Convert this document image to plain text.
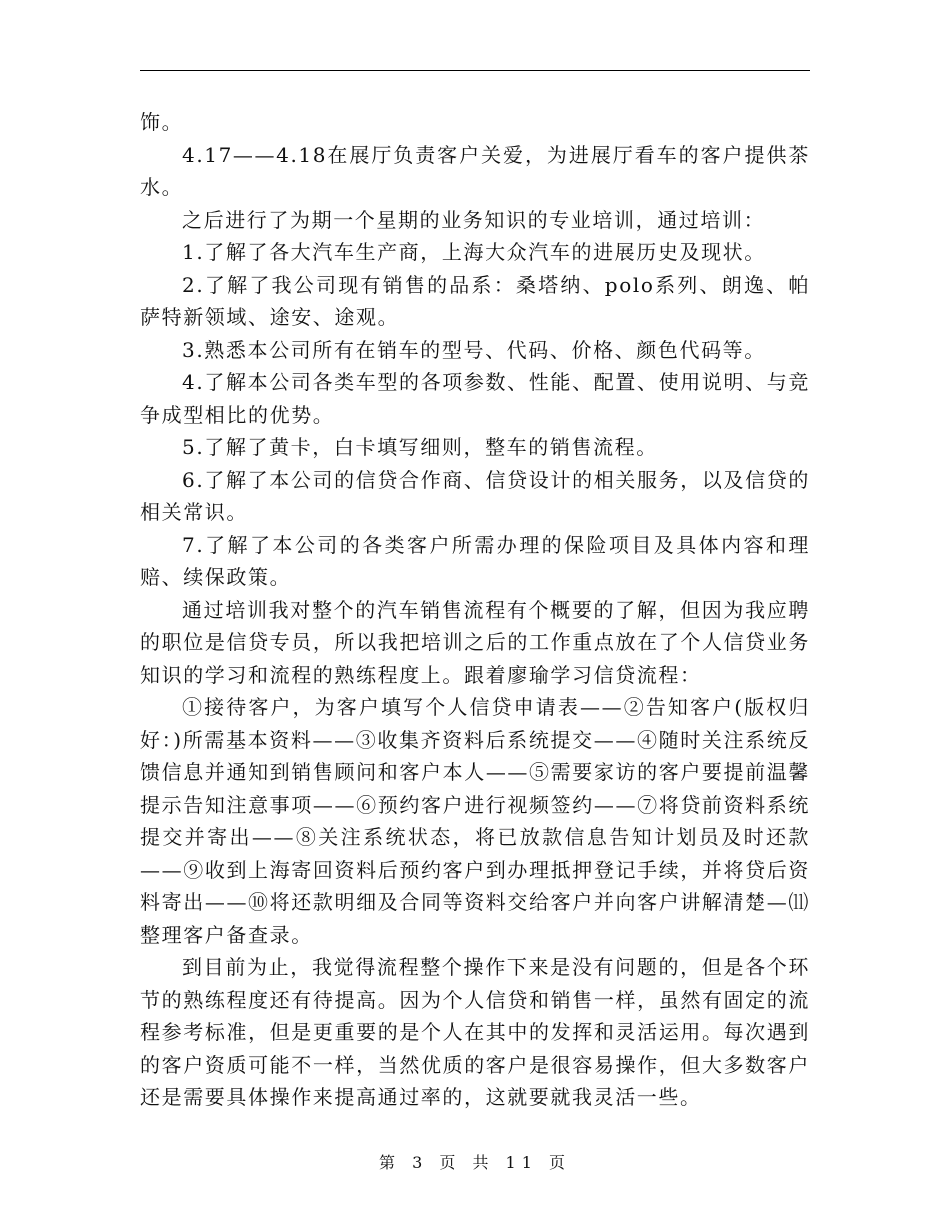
饰。

4.17——4.18在展厅负责客户关爱，为进展厅看车的客户提供茶水。

之后进行了为期一个星期的业务知识的专业培训，通过培训：

1.了解了各大汽车生产商，上海大众汽车的进展历史及现状。

2.了解了我公司现有销售的品系：桑塔纳、polo系列、朗逸、帕萨特新领域、途安、途观。

3.熟悉本公司所有在销车的型号、代码、价格、颜色代码等。

4.了解本公司各类车型的各项参数、性能、配置、使用说明、与竞争成型相比的优势。

5.了解了黄卡，白卡填写细则，整车的销售流程。

6.了解了本公司的信贷合作商、信贷设计的相关服务，以及信贷的相关常识。

7.了解了本公司的各类客户所需办理的保险项目及具体内容和理赔、续保政策。

通过培训我对整个的汽车销售流程有个概要的了解，但因为我应聘的职位是信贷专员，所以我把培训之后的工作重点放在了个人信贷业务知识的学习和流程的熟练程度上。跟着廖瑜学习信贷流程：

①接待客户，为客户填写个人信贷申请表——②告知客户(版权归好：)所需基本资料——③收集齐资料后系统提交——④随时关注系统反馈信息并通知到销售顾问和客户本人——⑤需要家访的客户要提前温馨提示告知注意事项——⑥预约客户进行视频签约——⑦将贷前资料系统提交并寄出——⑧关注系统状态，将已放款信息告知计划员及时还款——⑨收到上海寄回资料后预约客户到办理抵押登记手续，并将贷后资料寄出——⑩将还款明细及合同等资料交给客户并向客户讲解清楚—⑾整理客户备查录。

到目前为止，我觉得流程整个操作下来是没有问题的，但是各个环节的熟练程度还有待提高。因为个人信贷和销售一样，虽然有固定的流程参考标准，但是更重要的是个人在其中的发挥和灵活运用。每次遇到的客户资质可能不一样，当然优质的客户是很容易操作，但大多数客户还是需要具体操作来提高通过率的，这就要就我灵活一些。

第 3 页 共 11 页
